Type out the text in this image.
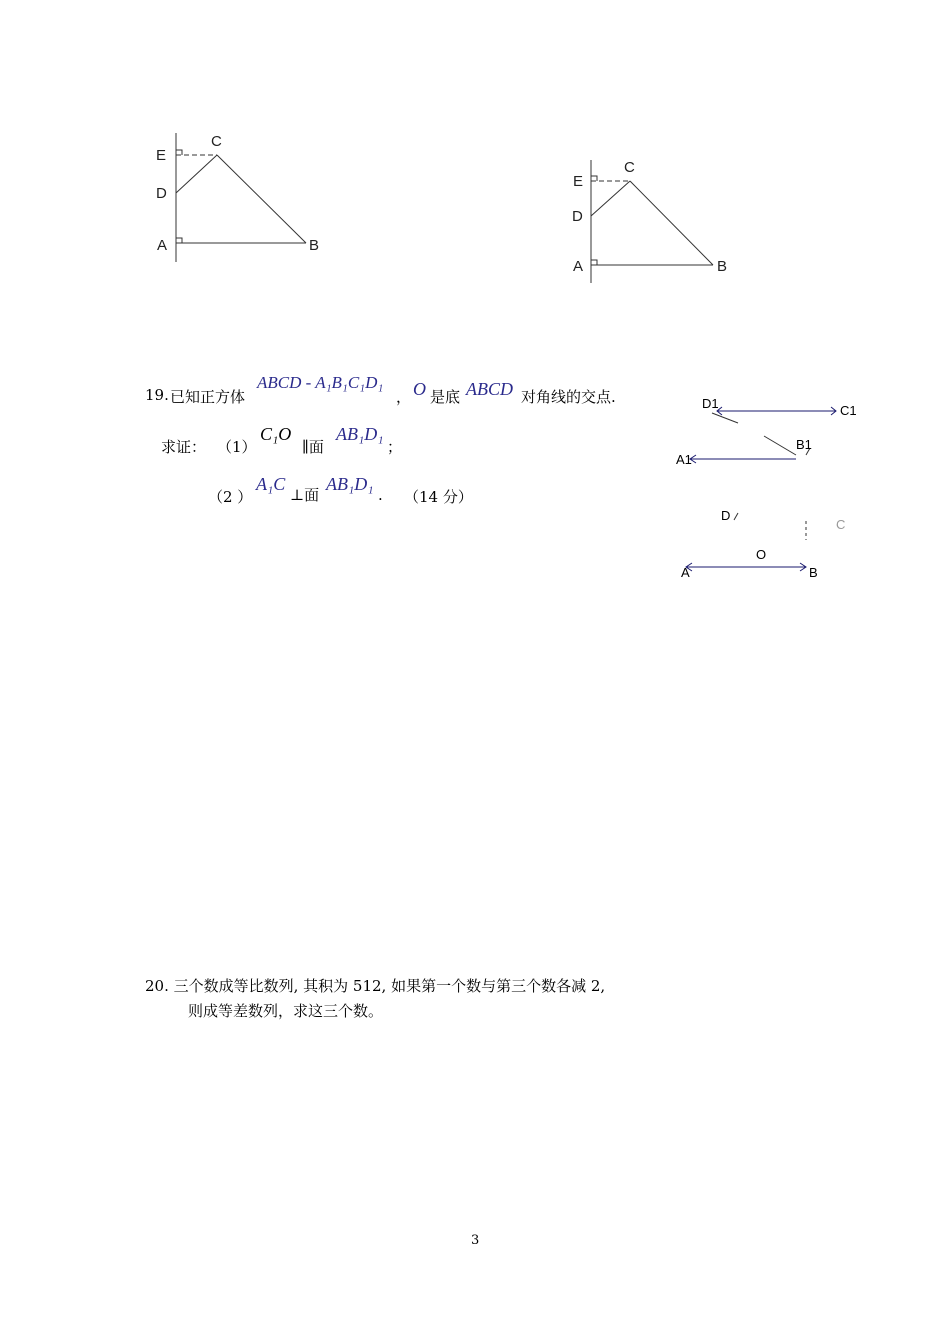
E
C
D
A	B
E
C
D
A	B
19. 已知正方体
ABCD - A₁B₁C₁D₁
， O 是底 ABCD 对角线的交点.
求证： （1）
C₁O
∥面
AB₁D₁
；
（2 ）
A₁C
⊥面
AB₁D₁
. （14 分）
D1	C1
A1
B1
D
C
O
A	B
20. 三个数成等比数列, 其积为 512, 如果第一个数与第三个数各减 2,
则成等差数列，求这三个数。
3
